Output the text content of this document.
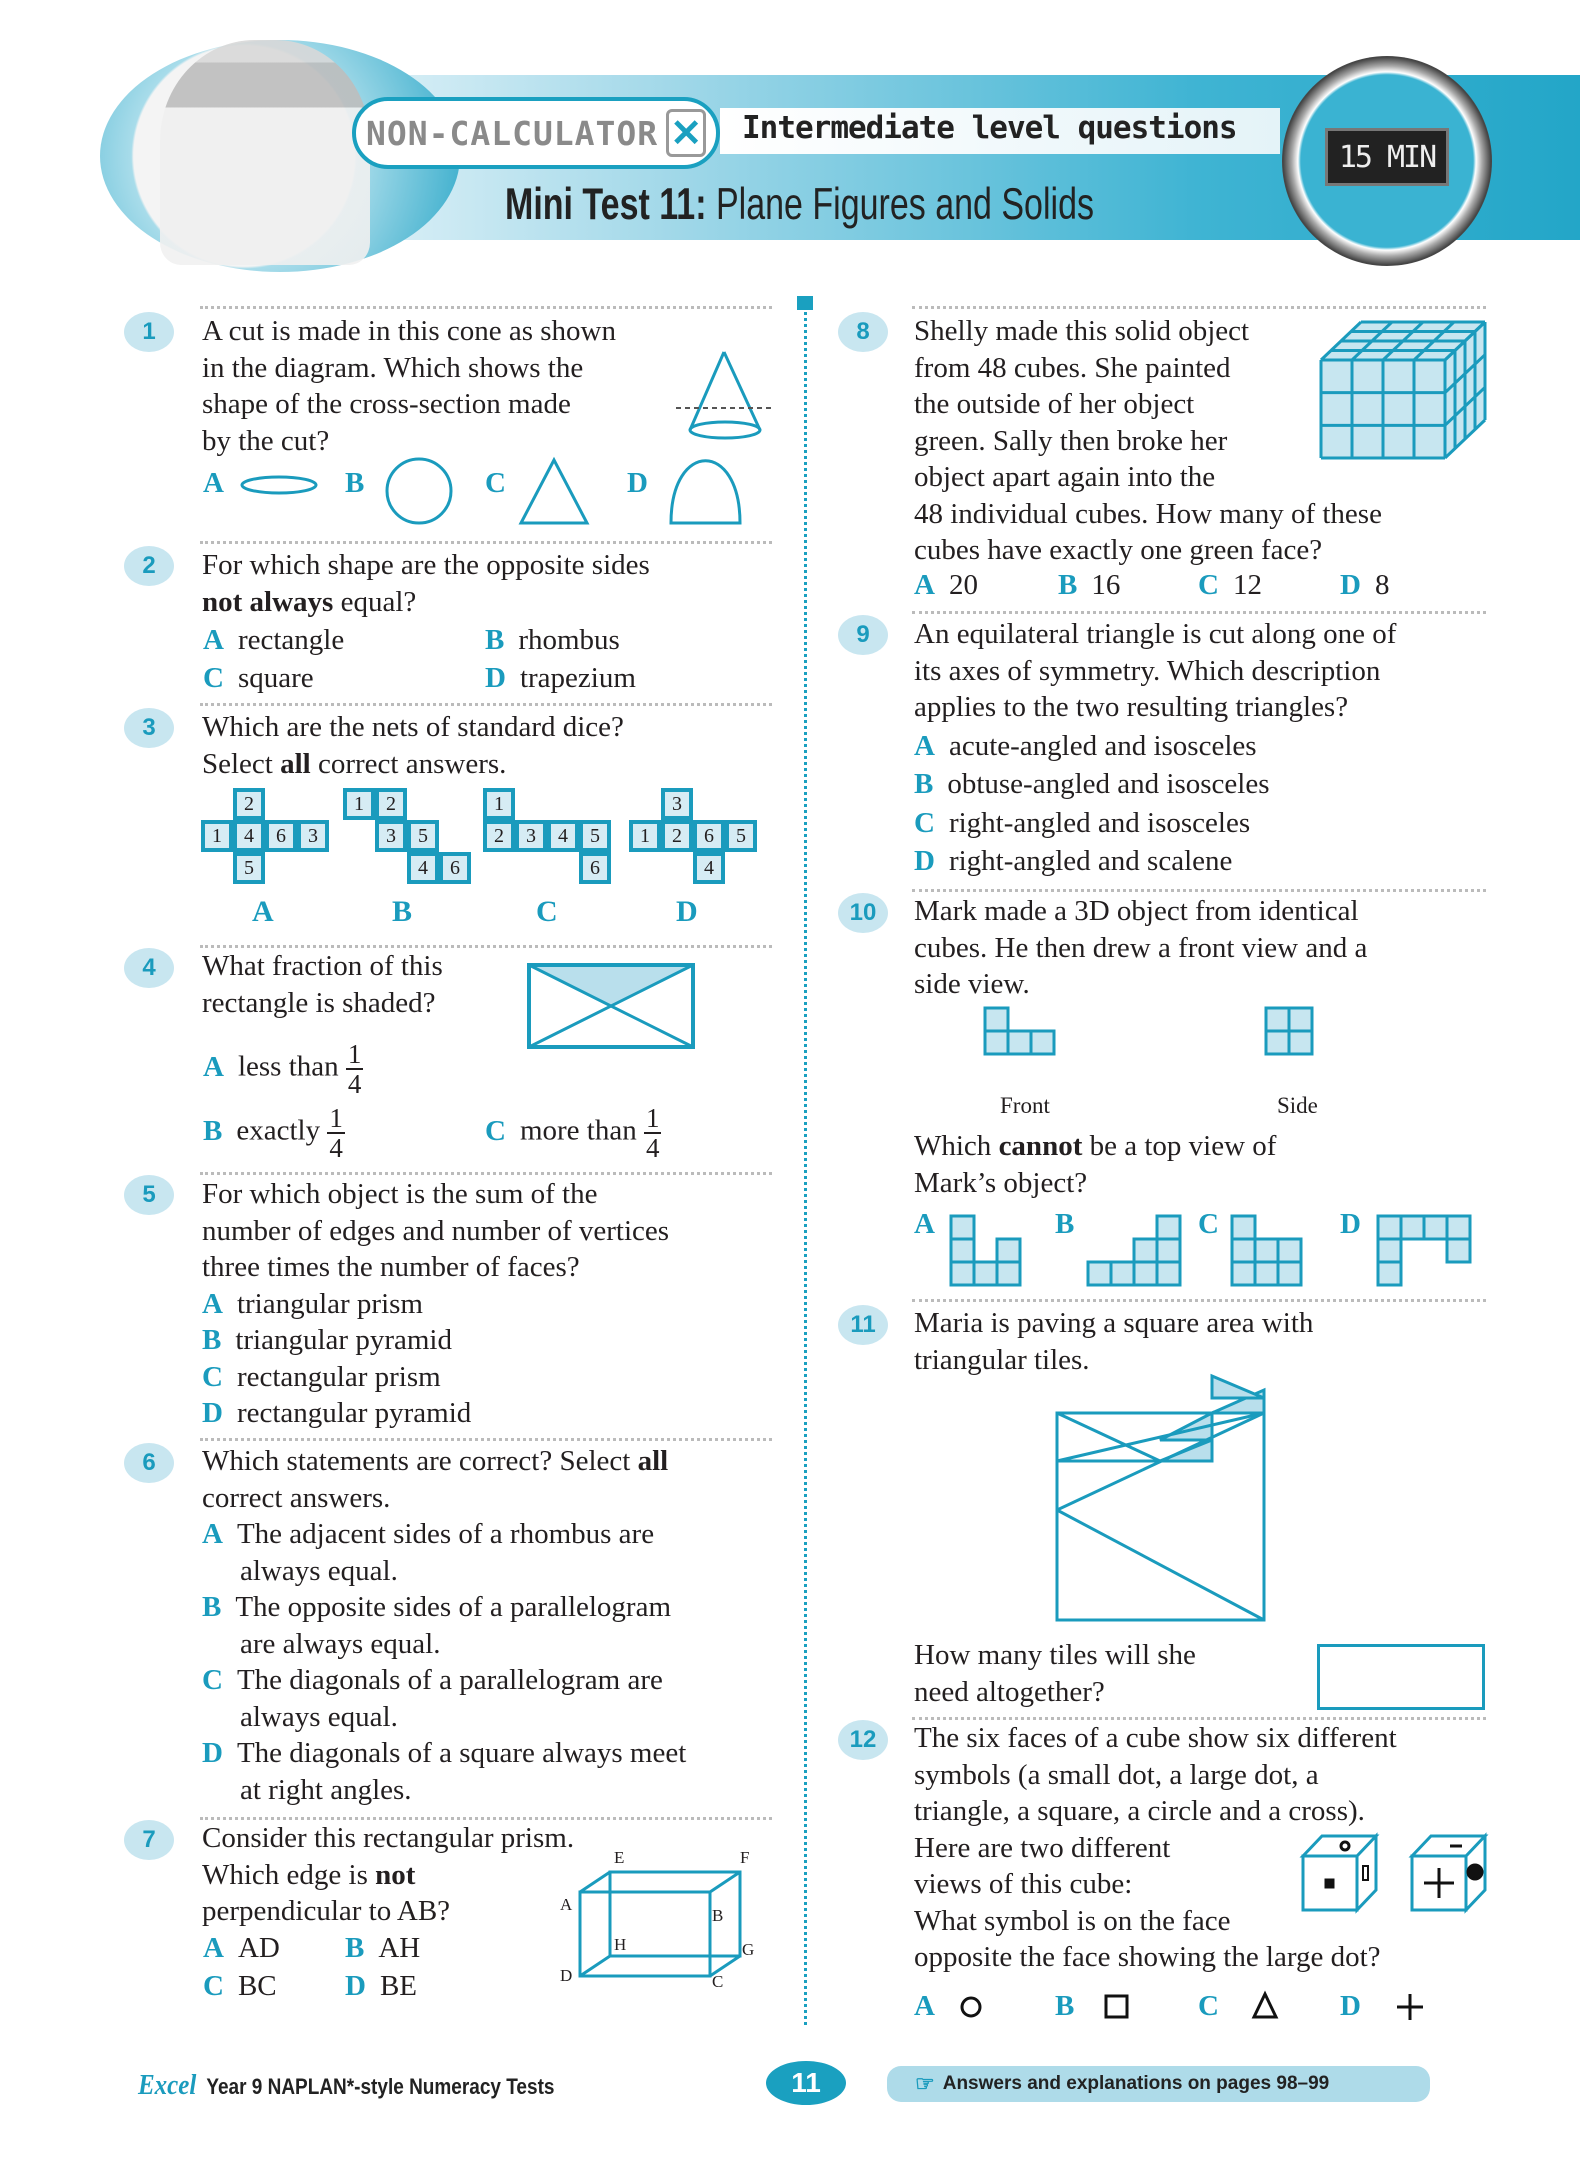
NON-CALCULATOR ✕ Intermediate level questions
Mini Test 11: Plane Figures and Solids
15 MIN
1	A cut is made in this cone as shown
in the diagram. Which shows the
shape of the cross-section made
by the cut?
A	B	C	D
2	For which shape are the opposite sides
not always equal?
A rectangle	B rhombus
C square	D trapezium
3	Which are the nets of standard dice?
Select all correct answers.
2
1	4	6	3
5
A
1	2
3	5
4	6
B
1
2	3	4	5
6
C
3
1	2	6	5
4
D
4	What fraction of this
rectangle is shaded?
A less than $\frac{1}{4}$
B exactly $\frac{1}{4}$	C more than $\frac{1}{4}$
5	For which object is the sum of the
number of edges and number of vertices
three times the number of faces?
A triangular prism
B triangular pyramid
C rectangular prism
D rectangular pyramid
6	Which statements are correct? Select all
correct answers.
A The adjacent sides of a rhombus are
always equal.
B The opposite sides of a parallelogram
are always equal.
C The diagonals of a parallelogram are
always equal.
D The diagonals of a square always meet
at right angles.
7	Consider this rectangular prism.
Which edge is not
perpendicular to AB?
A AD B AH
C BC D BE
E	F
A
B
H	G
D	C
8	Shelly made this solid object
from 48 cubes. She painted
the outside of her object
green. Sally then broke her
object apart again into the
48 individual cubes. How many of these
cubes have exactly one green face?
A 20	B 16	C 12	D 8
9	An equilateral triangle is cut along one of
its axes of symmetry. Which description
applies to the two resulting triangles?
A acute-angled and isosceles
B obtuse-angled and isosceles
C right-angled and isosceles
D right-angled and scalene
10	Mark made a 3D object from identical
cubes. He then drew a front view and a
side view.
Front	Side
Which cannot be a top view of
Mark’s object?
A	B	C	D
11	Maria is paving a square area with
triangular tiles.
How many tiles will she
need altogether?
12	The six faces of a cube show six different
symbols (a small dot, a large dot, a
triangle, a square, a circle and a cross).
Here are two different
views of this cube:
What symbol is on the face
opposite the face showing the large dot?
A	B	C	D
Excel Year 9 NAPLAN*-style Numeracy Tests	11	☞ Answers and explanations on pages 98–99
